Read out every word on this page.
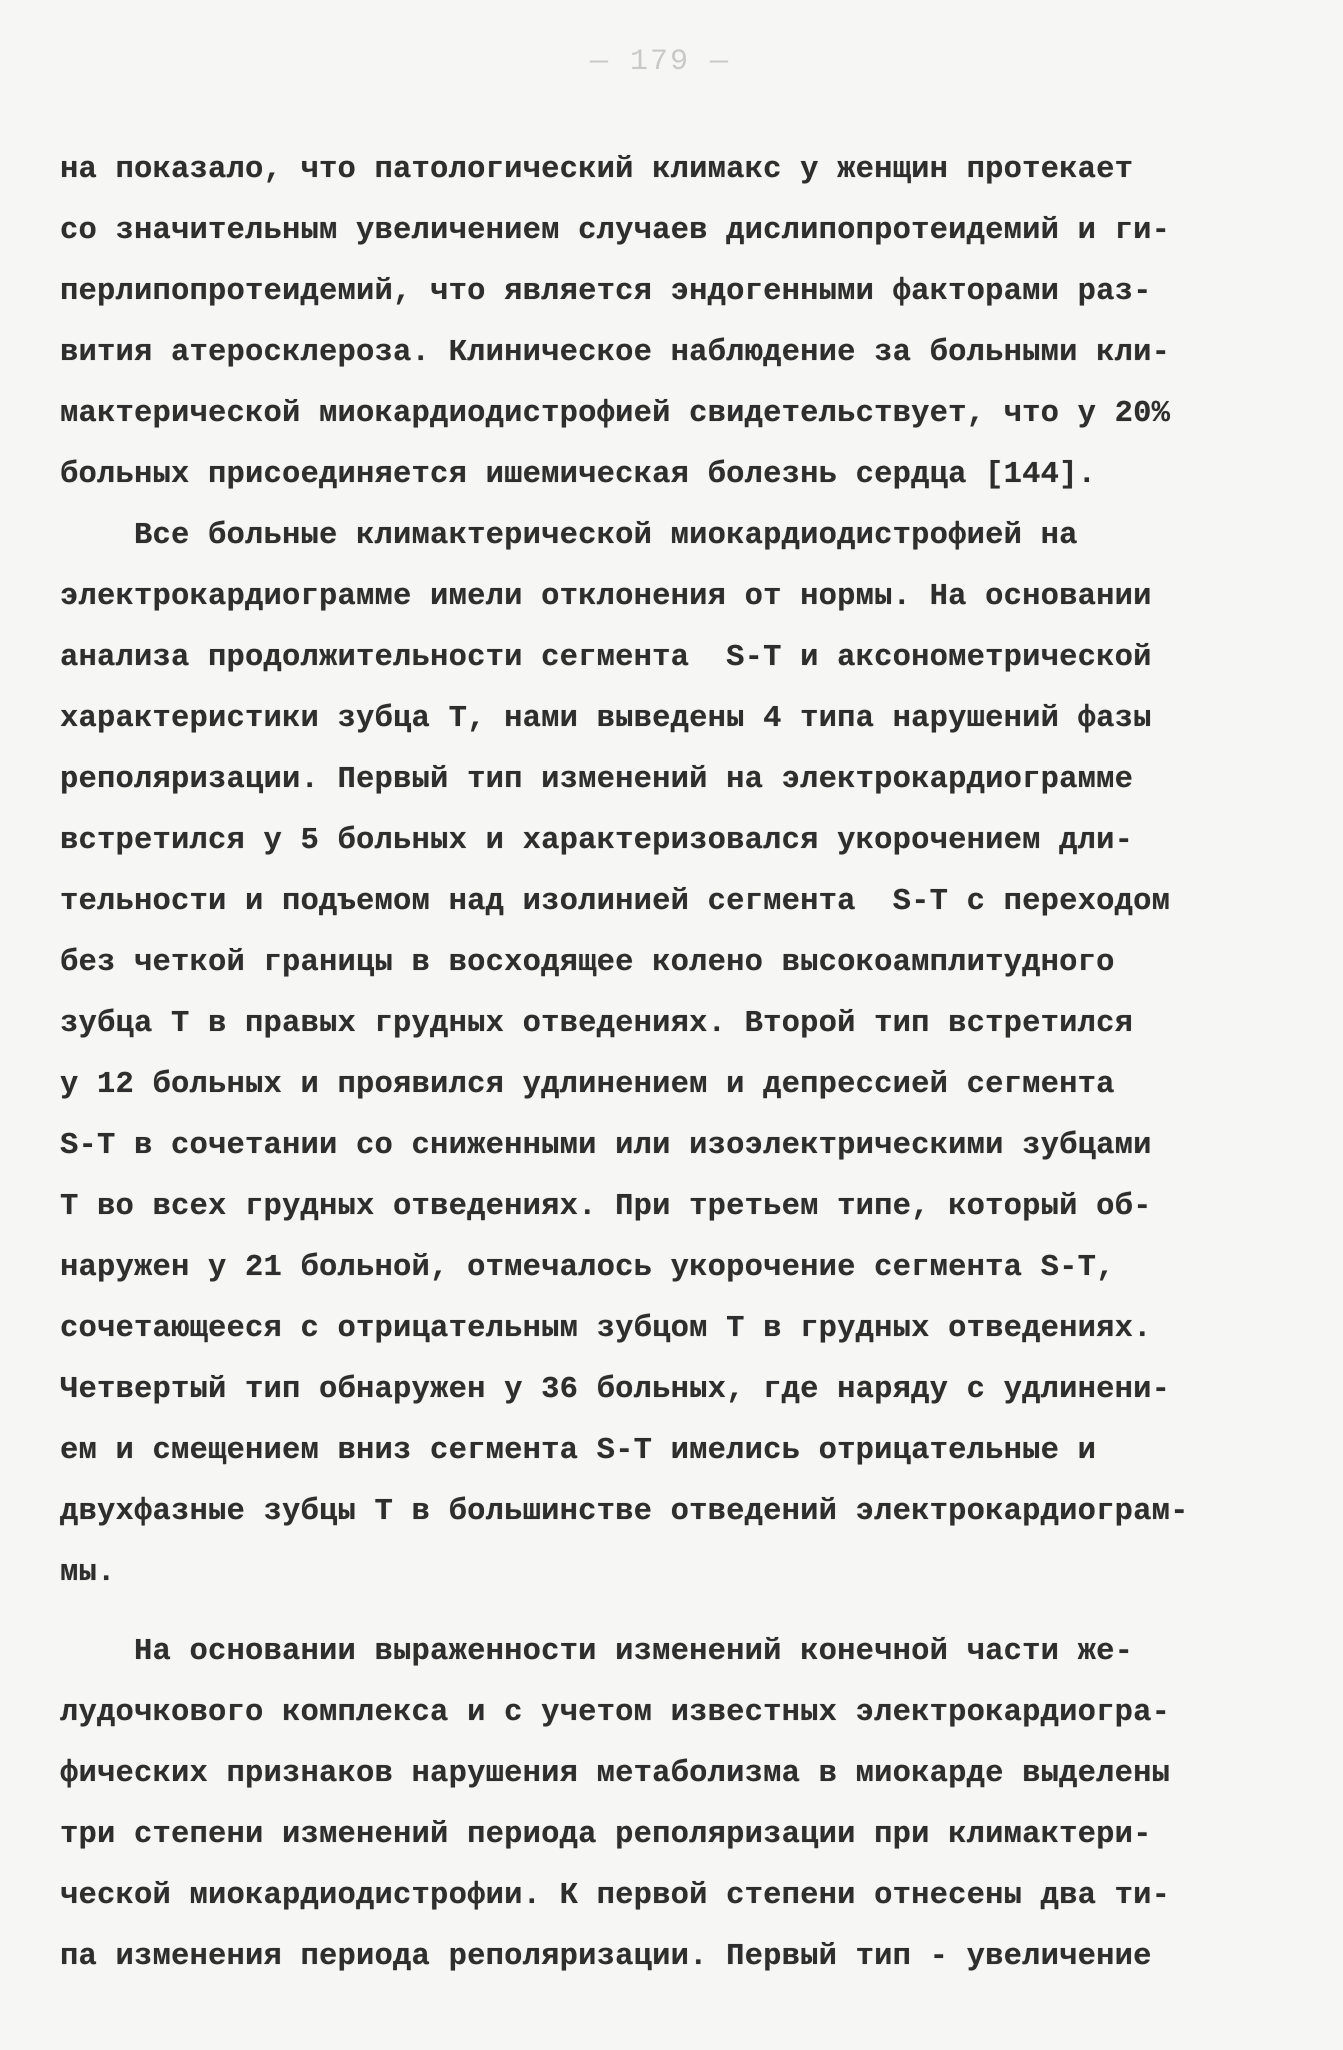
— 179 —
на показало, что патологический климакс у женщин протекает
со значительным увеличением случаев дислипопротеидемий и ги-
перлипопротеидемий, что является эндогенными факторами раз-
вития атеросклероза. Клиническое наблюдение за больными кли-
мактерической миокардиодистрофией свидетельствует, что у 20%
больных присоединяется ишемическая болезнь сердца [144].
Все больные климактерической миокардиодистрофией на
электрокардиограмме имели отклонения от нормы. На основании
анализа продолжительности сегмента  S-T и аксонометрической
характеристики зубца Т, нами выведены 4 типа нарушений фазы
реполяризации. Первый тип изменений на электрокардиограмме
встретился у 5 больных и характеризовался укорочением дли-
тельности и подъемом над изолинией сегмента  S-T с переходом
без четкой границы в восходящее колено высокоамплитудного
зубца Т в правых грудных отведениях. Второй тип встретился
у 12 больных и проявился удлинением и депрессией сегмента
S-T в сочетании со сниженными или изоэлектрическими зубцами
Т во всех грудных отведениях. При третьем типе, который об-
наружен у 21 больной, отмечалось укорочение сегмента S-T,
сочетающееся с отрицательным зубцом Т в грудных отведениях.
Четвертый тип обнаружен у 36 больных, где наряду с удлинени-
ем и смещением вниз сегмента S-T имелись отрицательные и
двухфазные зубцы Т в большинстве отведений электрокардиограм-
мы.
На основании выраженности изменений конечной части же-
лудочкового комплекса и с учетом известных электрокардиогра-
фических признаков нарушения метаболизма в миокарде выделены
три степени изменений периода реполяризации при климактери-
ческой миокардиодистрофии. К первой степени отнесены два ти-
па изменения периода реполяризации. Первый тип - увеличение
